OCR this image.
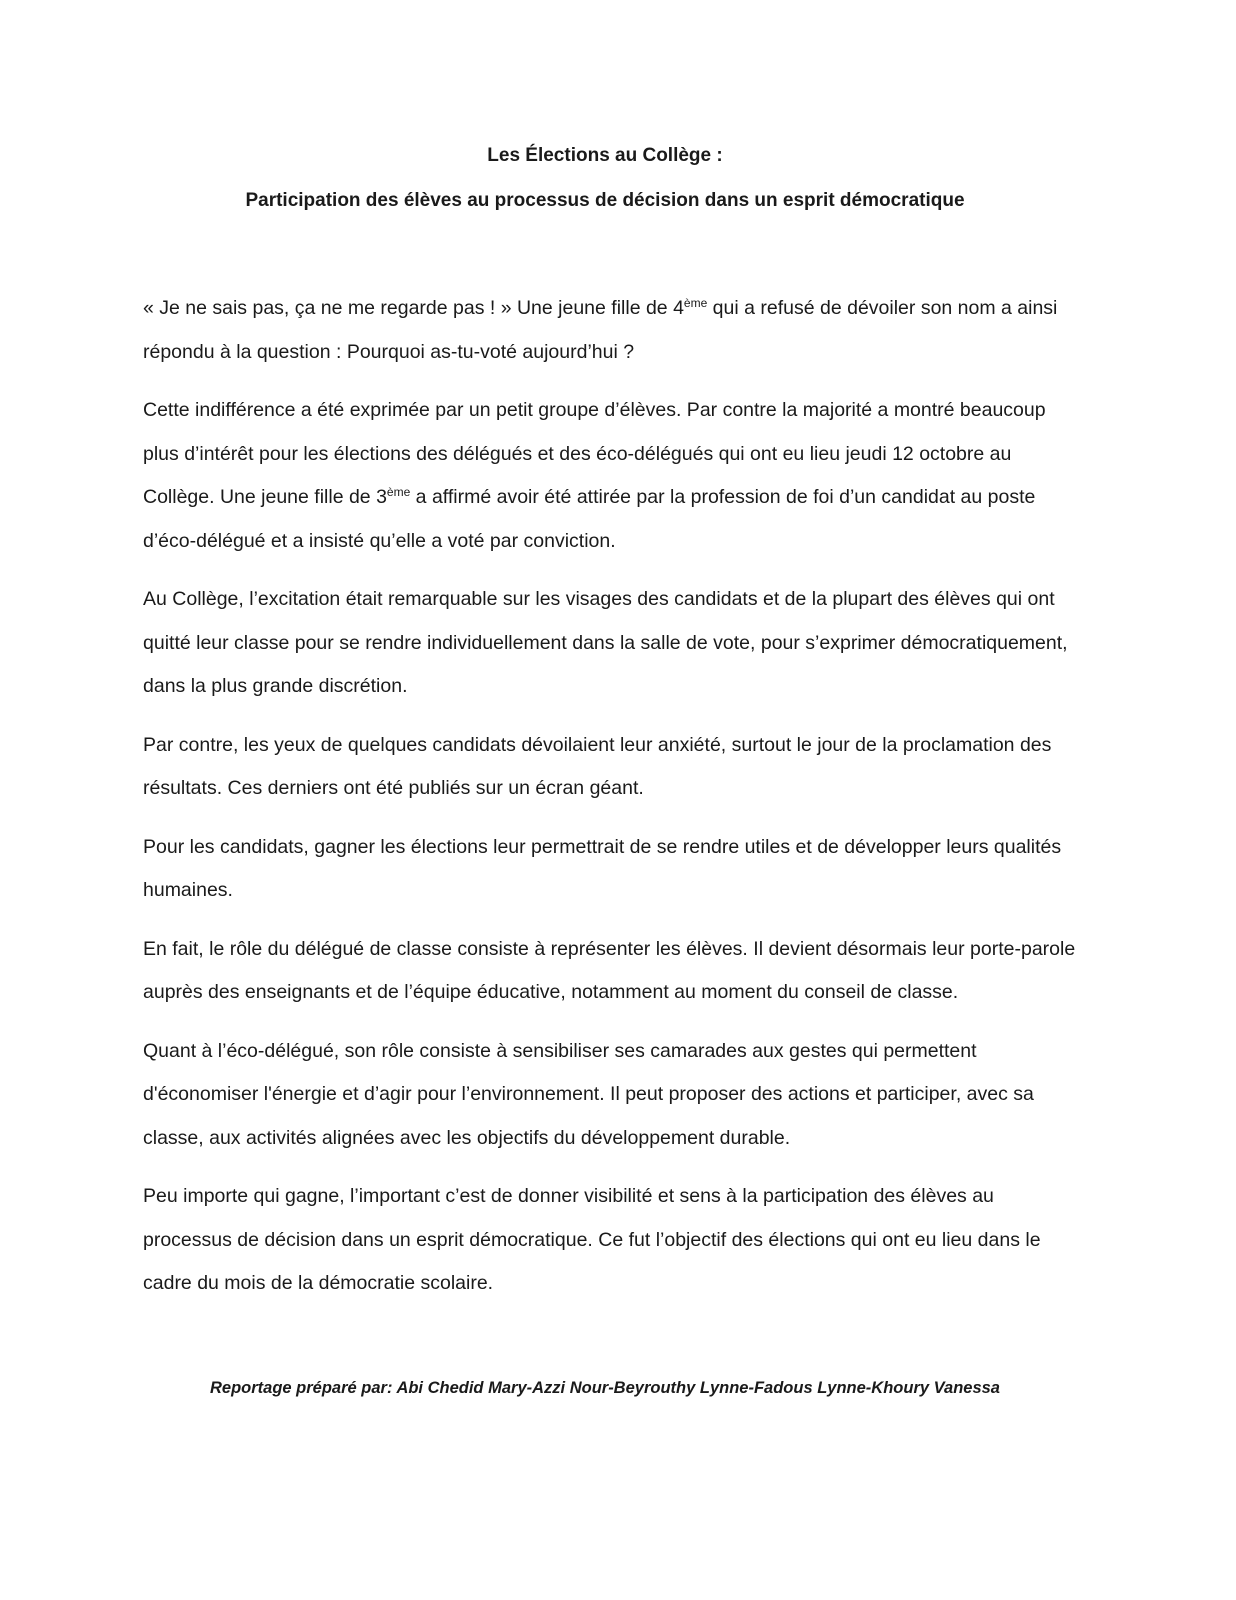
Les Élections au Collège :

Participation des élèves au processus de décision dans un esprit démocratique

« Je ne sais pas, ça ne me regarde pas ! » Une jeune fille de 4ème qui a refusé de dévoiler son nom a ainsi répondu à la question : Pourquoi as-tu-voté aujourd’hui ?

Cette indifférence a été exprimée par un petit groupe d’élèves. Par contre la majorité a montré beaucoup plus d’intérêt pour les élections des délégués et des éco-délégués qui ont eu lieu jeudi 12 octobre au Collège. Une jeune fille de 3ème a affirmé avoir été attirée par la profession de foi d’un candidat au poste d’éco-délégué et a insisté qu’elle a voté par conviction.

Au Collège, l’excitation était remarquable sur les visages des candidats et de la plupart des élèves qui ont quitté leur classe pour se rendre individuellement dans la salle de vote, pour s’exprimer démocratiquement, dans la plus grande discrétion.

Par contre, les yeux de quelques candidats dévoilaient leur anxiété, surtout le jour de la proclamation des résultats. Ces derniers ont été publiés sur un écran géant.

Pour les candidats, gagner les élections leur permettrait de se rendre utiles et de développer leurs qualités humaines.

En fait, le rôle du délégué de classe consiste à représenter les élèves. Il devient désormais leur porte-parole auprès des enseignants et de l’équipe éducative, notamment au moment du conseil de classe.

Quant à l’éco-délégué, son rôle consiste à sensibiliser ses camarades aux gestes qui permettent d'économiser l'énergie et d’agir pour l’environnement. Il peut proposer des actions et participer, avec sa classe, aux activités alignées avec les objectifs du développement durable.

Peu importe qui gagne, l’important c’est de donner visibilité et sens à la participation des élèves au processus de décision dans un esprit démocratique. Ce fut l’objectif des élections qui ont eu lieu dans le cadre du mois de la démocratie scolaire.

Reportage préparé par: Abi Chedid Mary-Azzi Nour-Beyrouthy Lynne-Fadous Lynne-Khoury Vanessa
